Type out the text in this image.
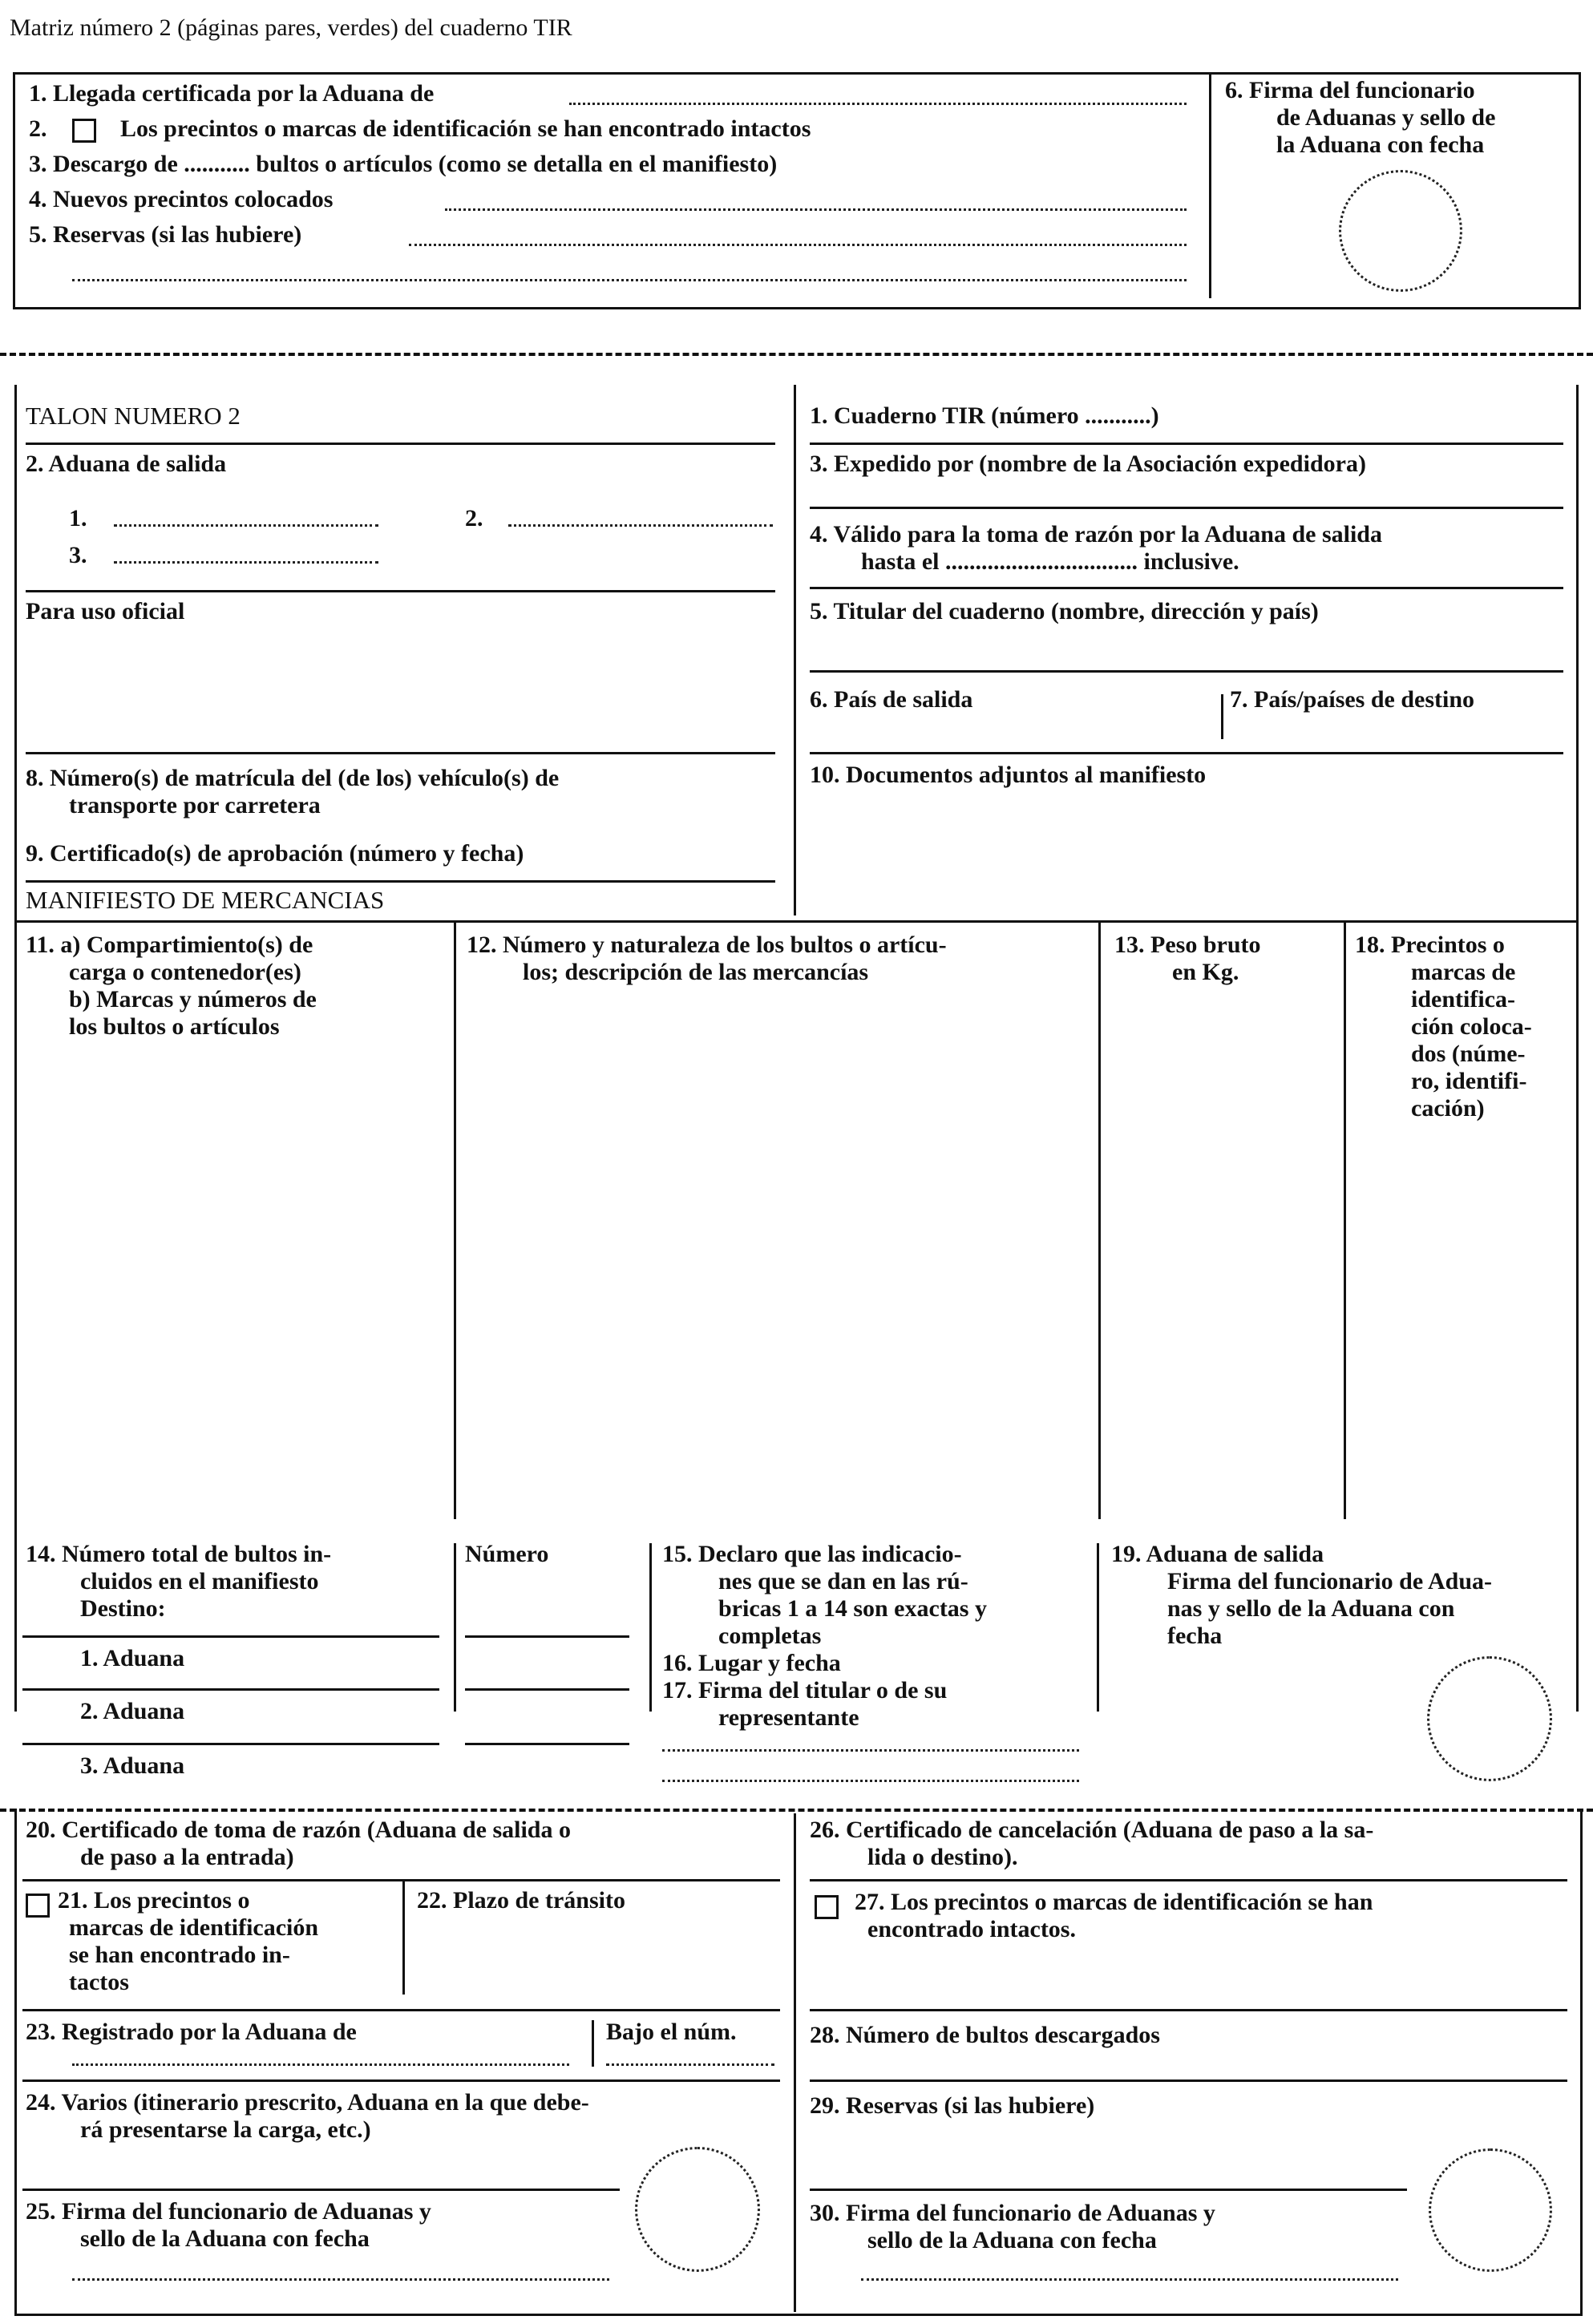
Matriz número 2 (páginas pares, verdes) del cuaderno TIR
1. Llegada certificada por la Aduana de
2.	Los precintos o marcas de identificación se han encontrado intactos
3. Descargo de ........... bultos o artículos (como se detalla en el manifiesto)
4. Nuevos precintos colocados
5. Reservas (si las hubiere)
6. Firma del funcionario
de Aduanas y sello de
la Aduana con fecha
TALON NUMERO 2
2. Aduana de salida
1.	2.
3.
Para uso oficial
8. Número(s) de matrícula del (de los) vehículo(s) de
transporte por carretera
9. Certificado(s) de aprobación (número y fecha)
MANIFIESTO DE MERCANCIAS
1. Cuaderno TIR (número ...........)
3. Expedido por (nombre de la Asociación expedidora)
4. Válido para la toma de razón por la Aduana de salida
hasta el ................................ inclusive.
5. Titular del cuaderno (nombre, dirección y país)
6. País de salida	7. País/países de destino
10. Documentos adjuntos al manifiesto
11. a) Compartimiento(s) de
carga o contenedor(es)
b) Marcas y números de
los bultos o artículos
12. Número y naturaleza de los bultos o artícu-
los; descripción de las mercancías
13. Peso bruto
en Kg.
18. Precintos o
marcas de
identifica-
ción coloca-
dos (núme-
ro, identifi-
cación)
14. Número total de bultos in-
cluidos en el manifiesto
Destino:
1. Aduana
2. Aduana
3. Aduana
Número	15. Declaro que las indicacio-
nes que se dan en las rú-
bricas 1 a 14 son exactas y
completas
16. Lugar y fecha
17. Firma del titular o de su
representante
19. Aduana de salida
Firma del funcionario de Adua-
nas y sello de la Aduana con
fecha
20. Certificado de toma de razón (Aduana de salida o
de paso a la entrada)
21. Los precintos o
marcas de identificación
se han encontrado in-
tactos
22. Plazo de tránsito
23. Registrado por la Aduana de	Bajo el núm.
24. Varios (itinerario prescrito, Aduana en la que debe-
rá presentarse la carga, etc.)
25. Firma del funcionario de Aduanas y
sello de la Aduana con fecha
26. Certificado de cancelación (Aduana de paso a la sa-
lida o destino).
27. Los precintos o marcas de identificación se han
encontrado intactos.
28. Número de bultos descargados
29. Reservas (si las hubiere)
30. Firma del funcionario de Aduanas y
sello de la Aduana con fecha
